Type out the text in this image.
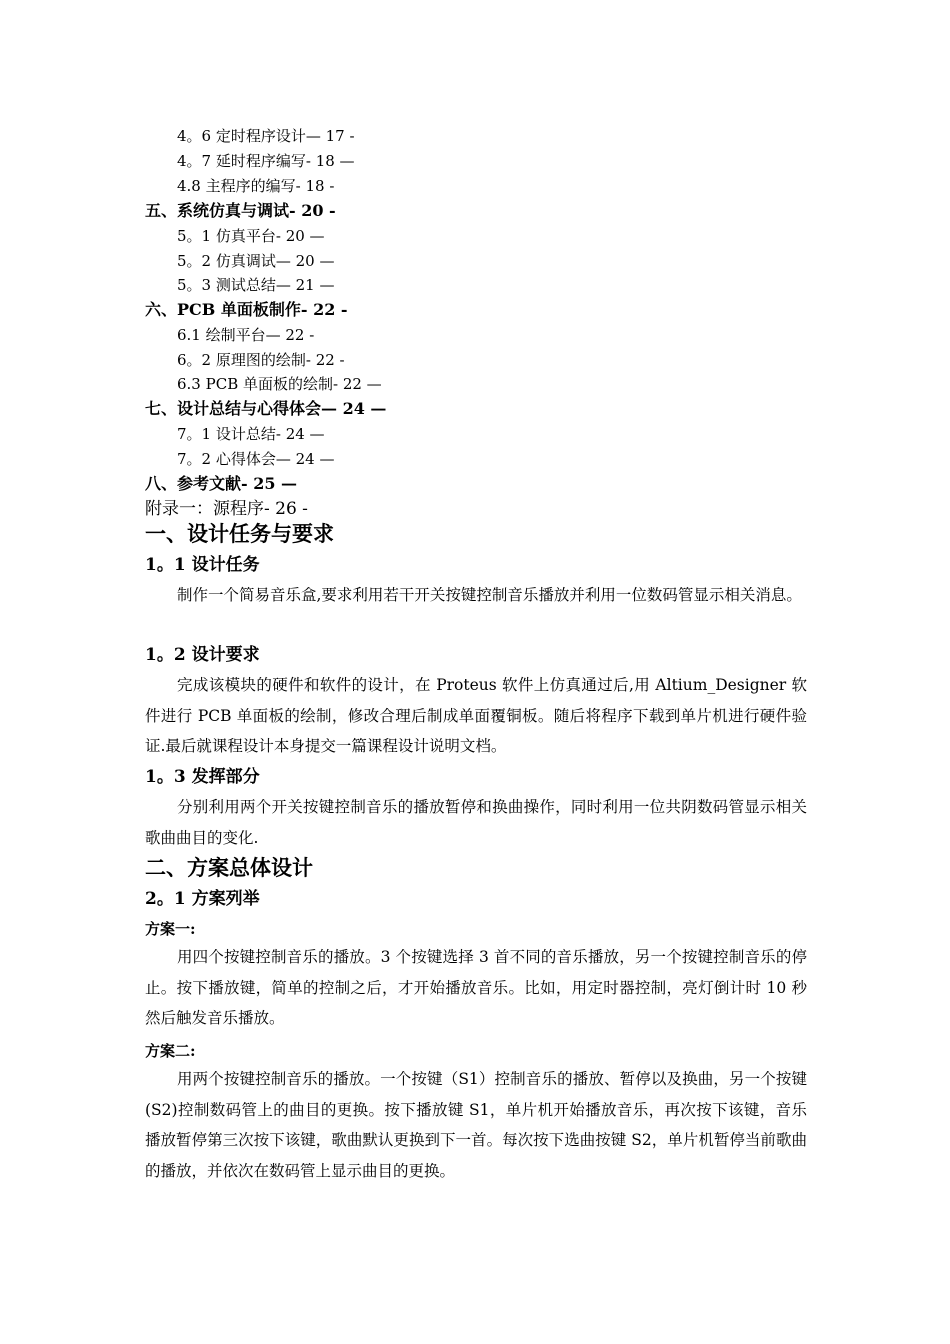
4。6 定时程序设计— 17 -
4。7 延时程序编写- 18 —
4.8 主程序的编写- 18 -
五、系统仿真与调试- 20 -
5。1 仿真平台- 20 —
5。2 仿真调试— 20 —
5。3 测试总结— 21 —
六、PCB 单面板制作- 22 -
6.1 绘制平台— 22 -
6。2 原理图的绘制- 22 -
6.3 PCB 单面板的绘制- 22 —
七、设计总结与心得体会— 24 —
7。1 设计总结- 24 —
7。2 心得体会— 24 —
八、参考文献- 25 —
附录一：源程序- 26 -
一、设计任务与要求
1。1 设计任务

制作一个简易音乐盒,要求利用若干开关按键控制音乐播放并利用一位数码管显示相关消息。

1。2 设计要求

完成该模块的硬件和软件的设计，在 Proteus 软件上仿真通过后,用 Altium_Designer 软件进行 PCB 单面板的绘制，修改合理后制成单面覆铜板。随后将程序下载到单片机进行硬件验证.最后就课程设计本身提交一篇课程设计说明文档。

1。3 发挥部分

分别利用两个开关按键控制音乐的播放暂停和换曲操作，同时利用一位共阴数码管显示相关歌曲曲目的变化.

二、方案总体设计
2。1 方案列举
方案一:

用四个按键控制音乐的播放。3 个按键选择 3 首不同的音乐播放，另一个按键控制音乐的停止。按下播放键，简单的控制之后，才开始播放音乐。比如，用定时器控制，亮灯倒计时 10 秒然后触发音乐播放。

方案二:

用两个按键控制音乐的播放。一个按键（S1）控制音乐的播放、暂停以及换曲，另一个按键(S2)控制数码管上的曲目的更换。按下播放键 S1，单片机开始播放音乐，再次按下该键，音乐播放暂停第三次按下该键，歌曲默认更换到下一首。每次按下选曲按键 S2，单片机暂停当前歌曲的播放，并依次在数码管上显示曲目的更换。
